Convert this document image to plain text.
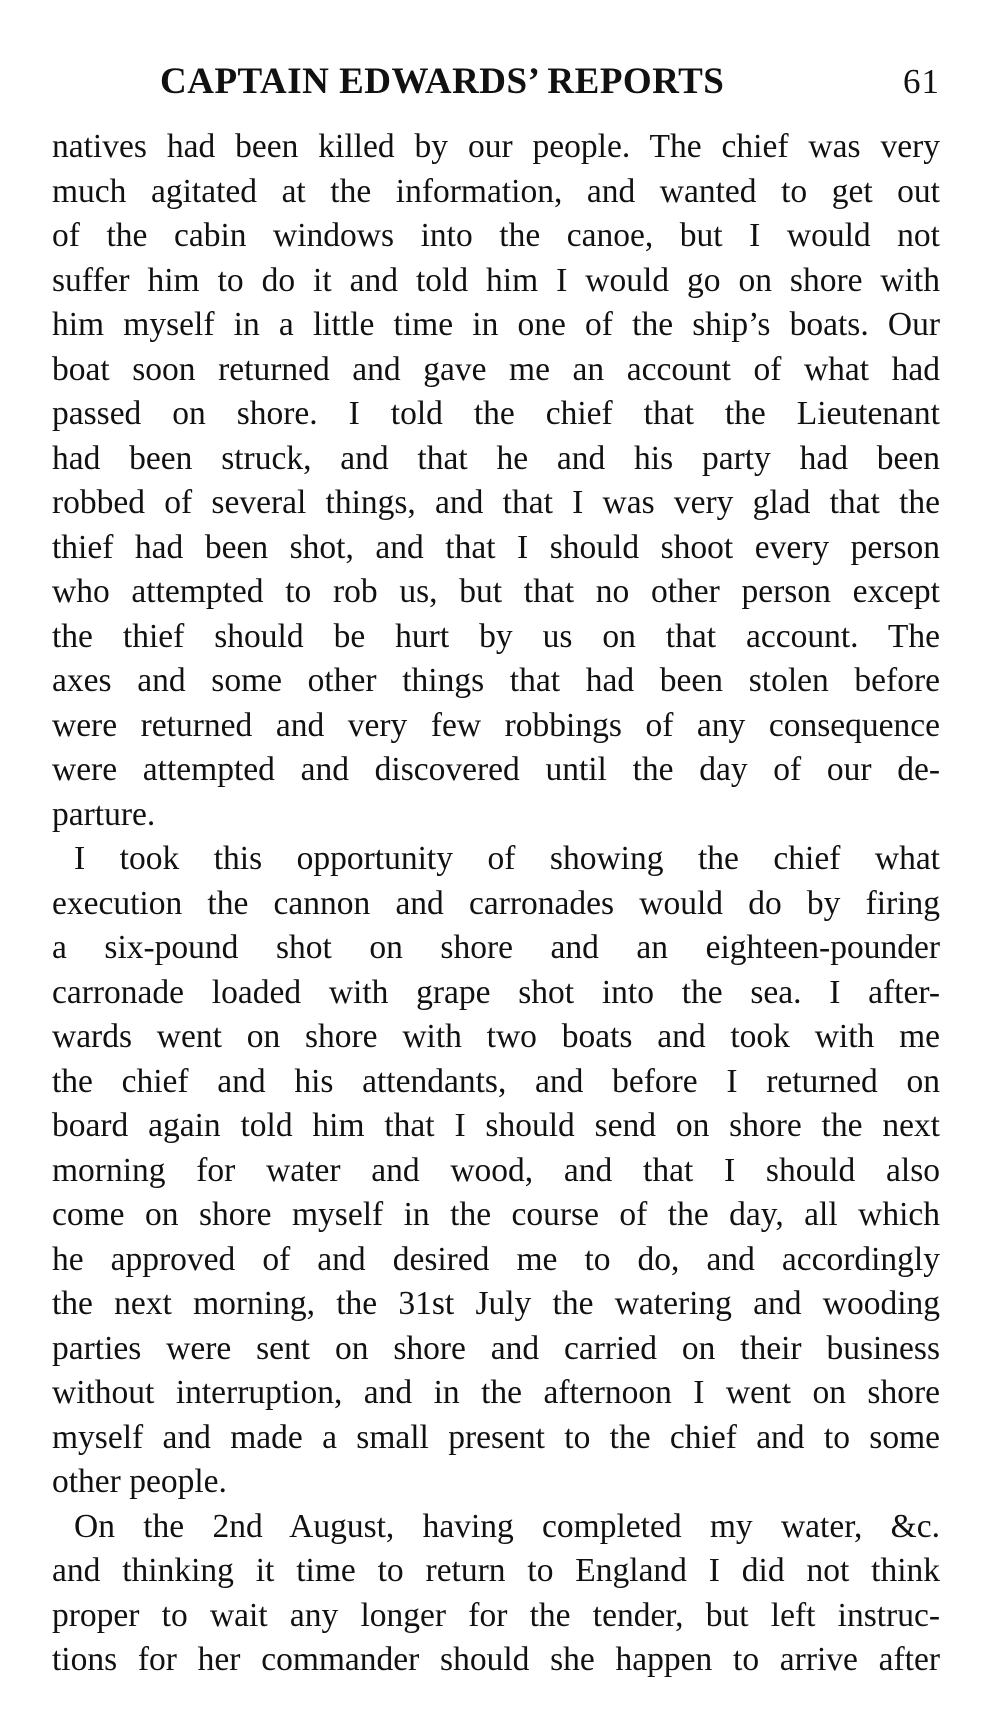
CAPTAIN EDWARDS’ REPORTS	61
natives had been killed by our people. The chief was very
much agitated at the information, and wanted to get out
of the cabin windows into the canoe, but I would not
suffer him to do it and told him I would go on shore with
him myself in a little time in one of the ship’s boats. Our
boat soon returned and gave me an account of what had
passed on shore. I told the chief that the Lieutenant
had been struck, and that he and his party had been
robbed of several things, and that I was very glad that the
thief had been shot, and that I should shoot every person
who attempted to rob us, but that no other person except
the thief should be hurt by us on that account. The
axes and some other things that had been stolen before
were returned and very few robbings of any consequence
were attempted and discovered until the day of our de-
parture.
I took this opportunity of showing the chief what
execution the cannon and carronades would do by firing
a six-pound shot on shore and an eighteen-pounder
carronade loaded with grape shot into the sea. I after-
wards went on shore with two boats and took with me
the chief and his attendants, and before I returned on
board again told him that I should send on shore the next
morning for water and wood, and that I should also
come on shore myself in the course of the day, all which
he approved of and desired me to do, and accordingly
the next morning, the 31st July the watering and wooding
parties were sent on shore and carried on their business
without interruption, and in the afternoon I went on shore
myself and made a small present to the chief and to some
other people.
On the 2nd August, having completed my water, &c.
and thinking it time to return to England I did not think
proper to wait any longer for the tender, but left instruc-
tions for her commander should she happen to arrive after
